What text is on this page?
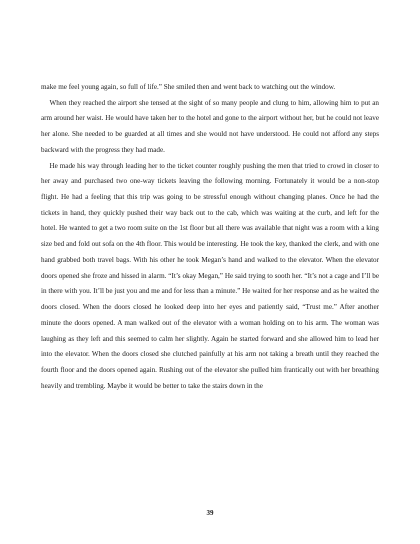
make me feel young again, so full of life.” She smiled then and went back to watching out the window.

When they reached the airport she tensed at the sight of so many people and clung to him, allowing him to put an arm around her waist. He would have taken her to the hotel and gone to the airport without her, but he could not leave her alone. She needed to be guarded at all times and she would not have understood. He could not afford any steps backward with the progress they had made.

He made his way through leading her to the ticket counter roughly pushing the men that tried to crowd in closer to her away and purchased two one-way tickets leaving the following morning. Fortunately it would be a non-stop flight. He had a feeling that this trip was going to be stressful enough without changing planes. Once he had the tickets in hand, they quickly pushed their way back out to the cab, which was waiting at the curb, and left for the hotel. He wanted to get a two room suite on the 1st floor but all there was available that night was a room with a king size bed and fold out sofa on the 4th floor. This would be interesting. He took the key, thanked the clerk, and with one hand grabbed both travel bags. With his other he took Megan’s hand and walked to the elevator. When the elevator doors opened she froze and hissed in alarm. “It’s okay Megan,” He said trying to sooth her. “It’s not a cage and I’ll be in there with you. It’ll be just you and me and for less than a minute.” He waited for her response and as he waited the doors closed. When the doors closed he looked deep into her eyes and patiently said, “Trust me.” After another minute the doors opened. A man walked out of the elevator with a woman holding on to his arm. The woman was laughing as they left and this seemed to calm her slightly. Again he started forward and she allowed him to lead her into the elevator. When the doors closed she clutched painfully at his arm not taking a breath until they reached the fourth floor and the doors opened again. Rushing out of the elevator she pulled him frantically out with her breathing heavily and trembling. Maybe it would be better to take the stairs down in the

39
